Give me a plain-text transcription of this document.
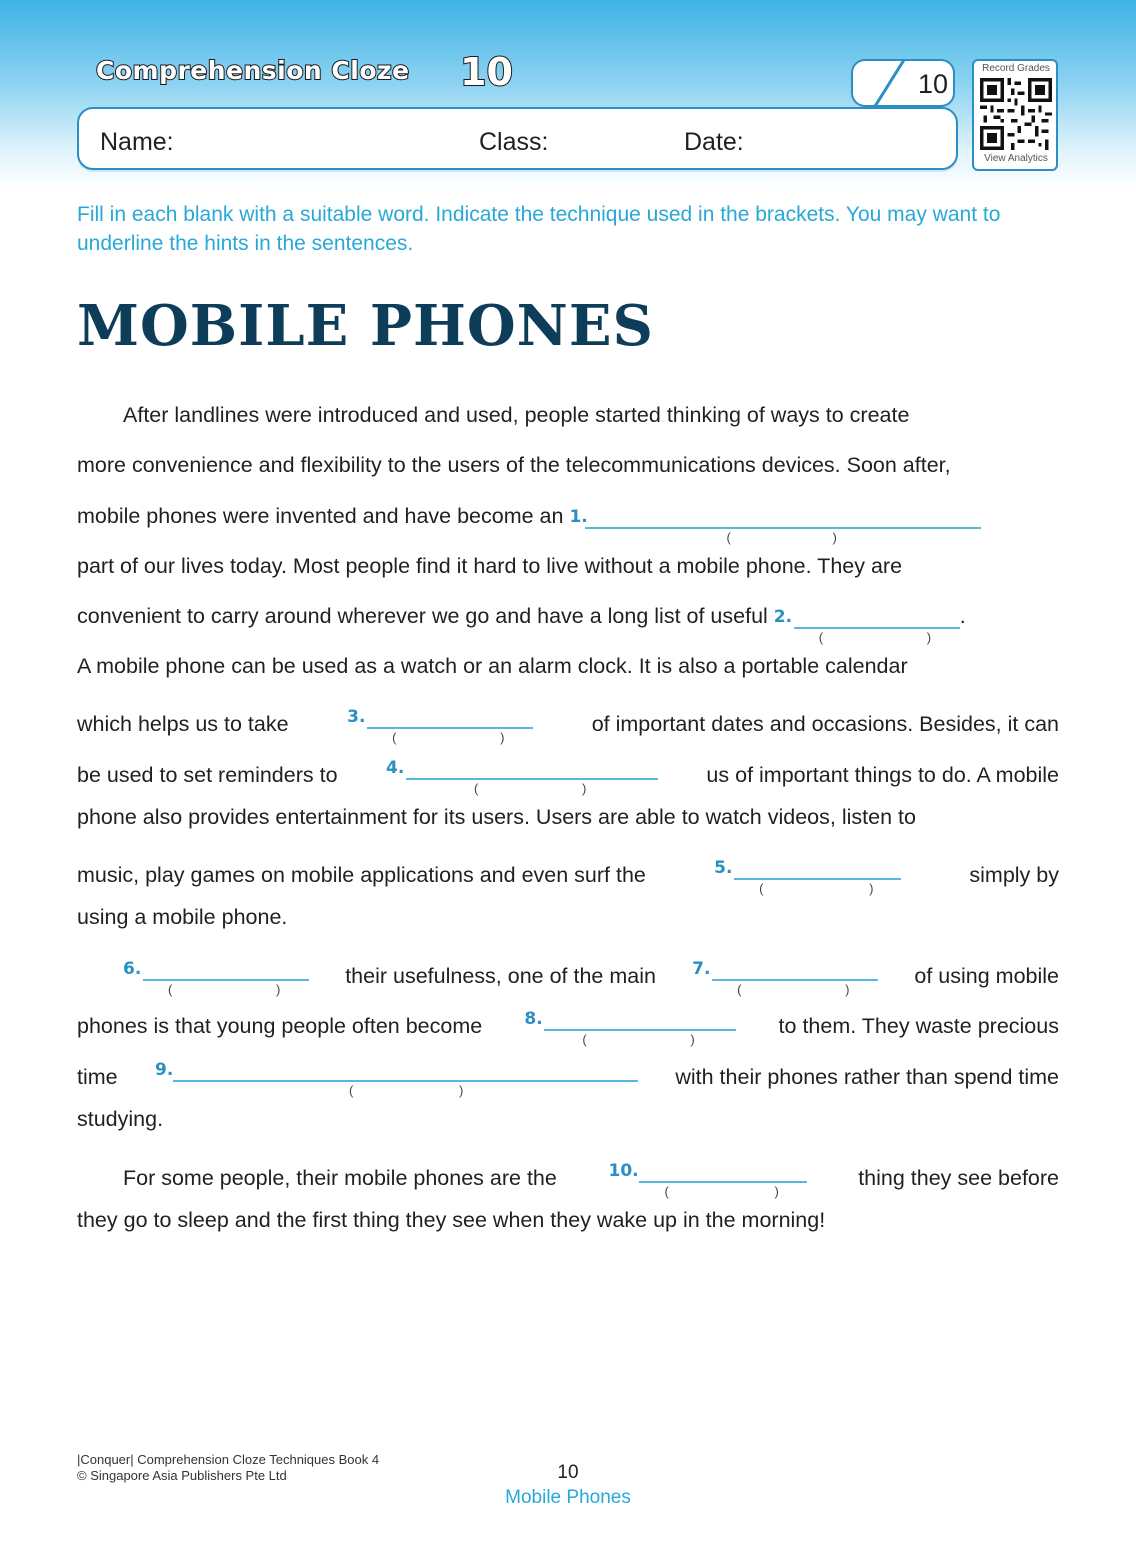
Comprehension Cloze 10	10
Name:	Class:	Date:
Record Grades
View Analytics
Fill in each blank with a suitable word. Indicate the technique used in the brackets. You may want to underline the hints in the sentences.
MOBILE PHONES
After landlines were introduced and used, people started thinking of ways to create
more convenience and flexibility to the users of the telecommunications devices. Soon after,
mobile phones were invented and have become an 1.
(	)
part of our lives today. Most people find it hard to live without a mobile phone. They are
convenient to carry around wherever we go and have a long list of useful 2.
(	)
.
A mobile phone can be used as a watch or an alarm clock. It is also a portable calendar
which helps us to take	3.
(	)
of important dates and occasions. Besides, it can
be used to set reminders to 4.
(	)
us of important things to do. A mobile
phone also provides entertainment for its users. Users are able to watch videos, listen to
music, play games on mobile applications and even surf the	5.
(	)
simply by
using a mobile phone.
6.
(	)
their usefulness, one of the main 7.
(	)
of using mobile
phones is that young people often become 8.
(	)
to them. They waste precious
time 9.
(	)
with their phones rather than spend time
studying.
For some people, their mobile phones are the	10.
(	)
thing they see before
they go to sleep and the first thing they see when they wake up in the morning!
|Conquer| Comprehension Cloze Techniques Book 4
© Singapore Asia Publishers Pte Ltd	10
Mobile Phones
